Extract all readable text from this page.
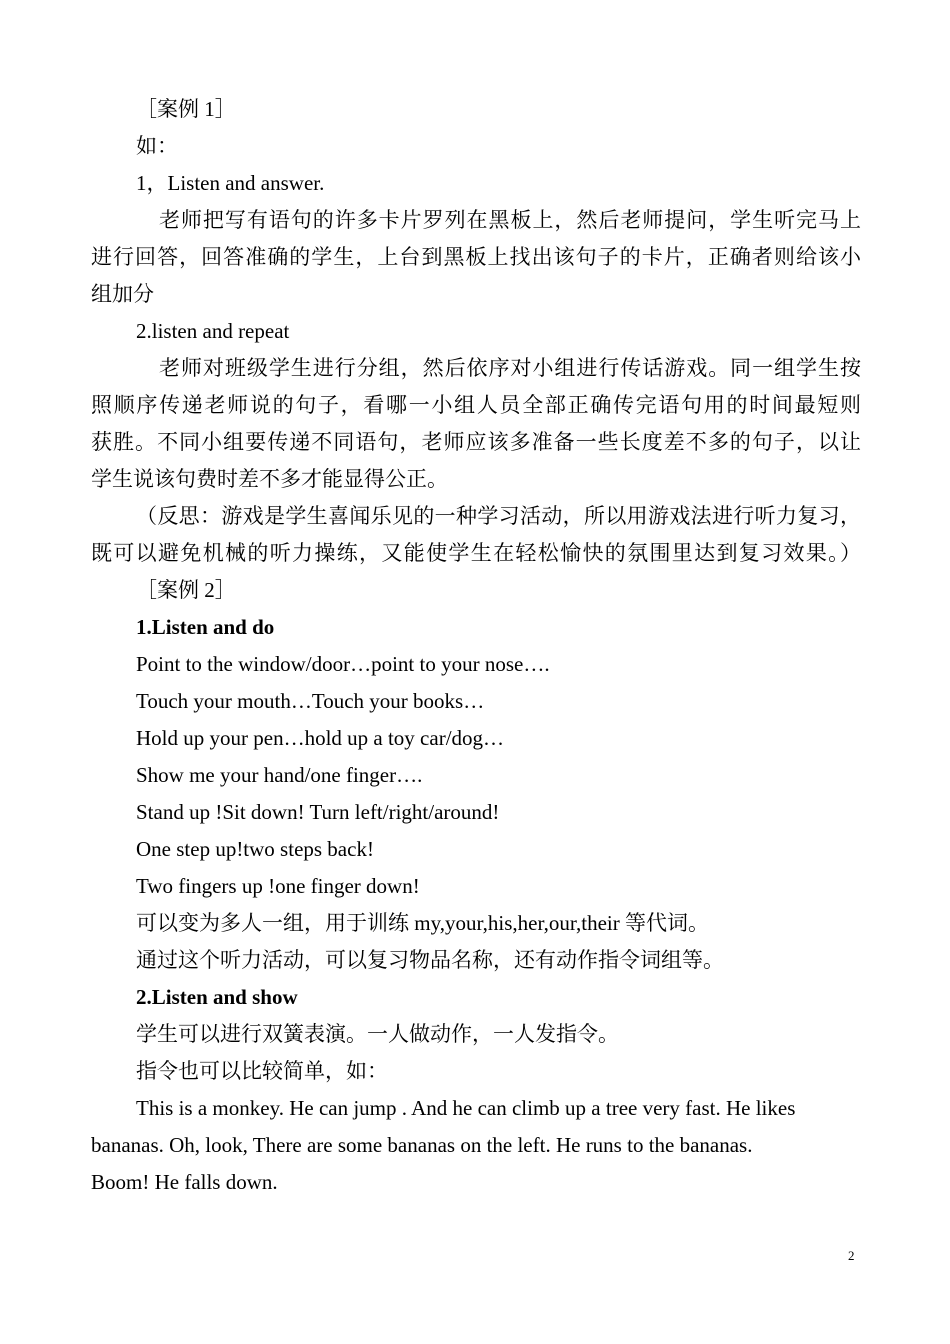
［案例 1］
如：
1，Listen and answer.
老师把写有语句的许多卡片罗列在黑板上，然后老师提问，学生听完马上
进行回答，回答准确的学生，上台到黑板上找出该句子的卡片，正确者则给该小
组加分
2.listen and repeat
老师对班级学生进行分组，然后依序对小组进行传话游戏。同一组学生按
照顺序传递老师说的句子，看哪一小组人员全部正确传完语句用的时间最短则
获胜。不同小组要传递不同语句，老师应该多准备一些长度差不多的句子，以让
学生说该句费时差不多才能显得公正。
（反思：游戏是学生喜闻乐见的一种学习活动，所以用游戏法进行听力复习，
既可以避免机械的听力操练，又能使学生在轻松愉快的氛围里达到复习效果。）
［案例 2］
1.Listen and do
Point to the window/door…point to your nose….
Touch your mouth…Touch your books…
Hold up your pen…hold up a toy car/dog…
Show me your hand/one finger….
Stand up !Sit down! Turn left/right/around!
One step up!two steps back!
Two fingers up !one finger down!
可以变为多人一组，用于训练 my,your,his,her,our,their 等代词。
通过这个听力活动，可以复习物品名称，还有动作指令词组等。
2.Listen and show
学生可以进行双簧表演。一人做动作，一人发指令。
指令也可以比较简单，如：
This is a monkey. He can jump . And he can climb up a tree very fast. He likes
bananas. Oh, look, There are some bananas on the left. He runs to the bananas.
Boom! He falls down.
2
